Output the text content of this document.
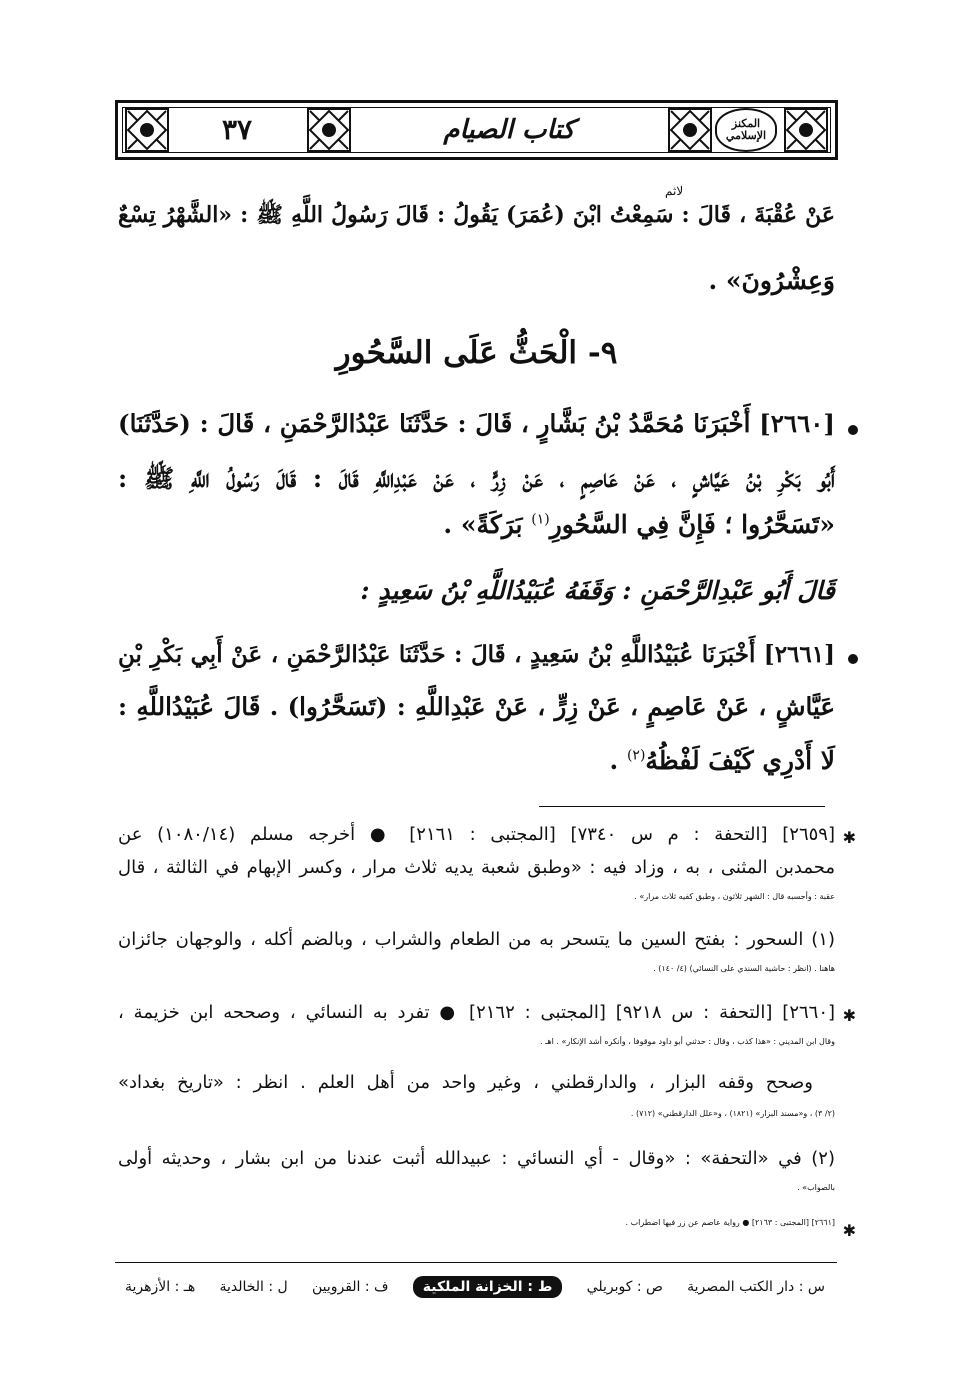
٣٧	كتاب الصيام	المكنز الإسلامي
عَنْ عُقْبَةَ ، قَالَ : سَمِعْتُ ابْنَ (عُمَرَ) يَقُولُ : قَالَ رَسُولُ اللَّهِ ﷺ : «الشَّهْرُ تِسْعٌ
لاثم
وَعِشْرُونَ» .
٩- الْحَثُّ عَلَى السَّحُورِ
[٢٦٦٠] أَخْبَرَنَا مُحَمَّدُ بْنُ بَشَّارٍ ، قَالَ : حَدَّثَنَا عَبْدُالرَّحْمَنِ ، قَالَ : (حَدَّثَنَا)
أَبُو بَكْرِ بْنُ عَيَّاشٍ ، عَنْ عَاصِمٍ ، عَنْ زِرٍّ ، عَنْ عَبْدِاللَّهِ قَالَ : قَالَ رَسُولُ اللَّهِ ﷺ :
«تَسَحَّرُوا ؛ فَإِنَّ فِي السَّحُورِ$^{(١)}$ بَرَكَةً» .
قَالَ أَبُو عَبْدِالرَّحْمَنِ : وَقَفَهُ عُبَيْدُاللَّهِ بْنُ سَعِيدٍ :
[٢٦٦١] أَخْبَرَنَا عُبَيْدُاللَّهِ بْنُ سَعِيدٍ ، قَالَ : حَدَّثَنَا عَبْدُالرَّحْمَنِ ، عَنْ أَبِي بَكْرِ بْنِ
عَيَّاشٍ ، عَنْ عَاصِمٍ ، عَنْ زِرٍّ ، عَنْ عَبْدِاللَّهِ : (تَسَحَّرُوا) . قَالَ عُبَيْدُاللَّهِ :
لَا أَدْرِي كَيْفَ لَفْظُهُ$^{(٢)}$ .
✱
[٢٦٥٩] [التحفة : م س ٧٣٤٠] [المجتبى : ٢١٦١] ● أخرجه مسلم (١٠٨٠/١٤) عن
محمدبن المثنى ، به ، وزاد فيه : «وطبق شعبة يديه ثلاث مرار ، وكسر الإبهام في الثالثة ، قال
عقبة : وأحسبه قال : الشهر ثلاثون ، وطبق كفيه ثلاث مرار» .
(١) السحور : بفتح السين ما يتسحر به من الطعام والشراب ، وبالضم أكله ، والوجهان جائزان
هاهنا . (انظر : حاشية السندي على النسائي) (٤/ ١٤٠) .
✱
[٢٦٦٠] [التحفة : س ٩٢١٨] [المجتبى : ٢١٦٢] ● تفرد به النسائي ، وصححه ابن خزيمة ،
وقال ابن المديني : «هذا كذب ، وقال : حدثني أبو داود موقوفا ، وأنكره أشد الإنكار» . اهـ .
وصحح وقفه البزار ، والدارقطني ، وغير واحد من أهل العلم . انظر : «تاريخ بغداد»
(٢/ ٣) ، و«مسند البزار» (١٨٢١) ، و«علل الدارقطني» (٧١٢) .
(٢) في «التحفة» : «وقال - أي النسائي : عبيدالله أثبت عندنا من ابن بشار ، وحديثه أولى
بالصواب» .
✱
[٢٦٦١] [المجتبى : ٢١٦٣] ● رواية عاصم عن زر فيها اضطراب .
س : دار الكتب المصرية
ص : كوبريلي
ط : الخزانة الملكية
ف : القرويين
ل : الخالدية
هـ : الأزهرية
